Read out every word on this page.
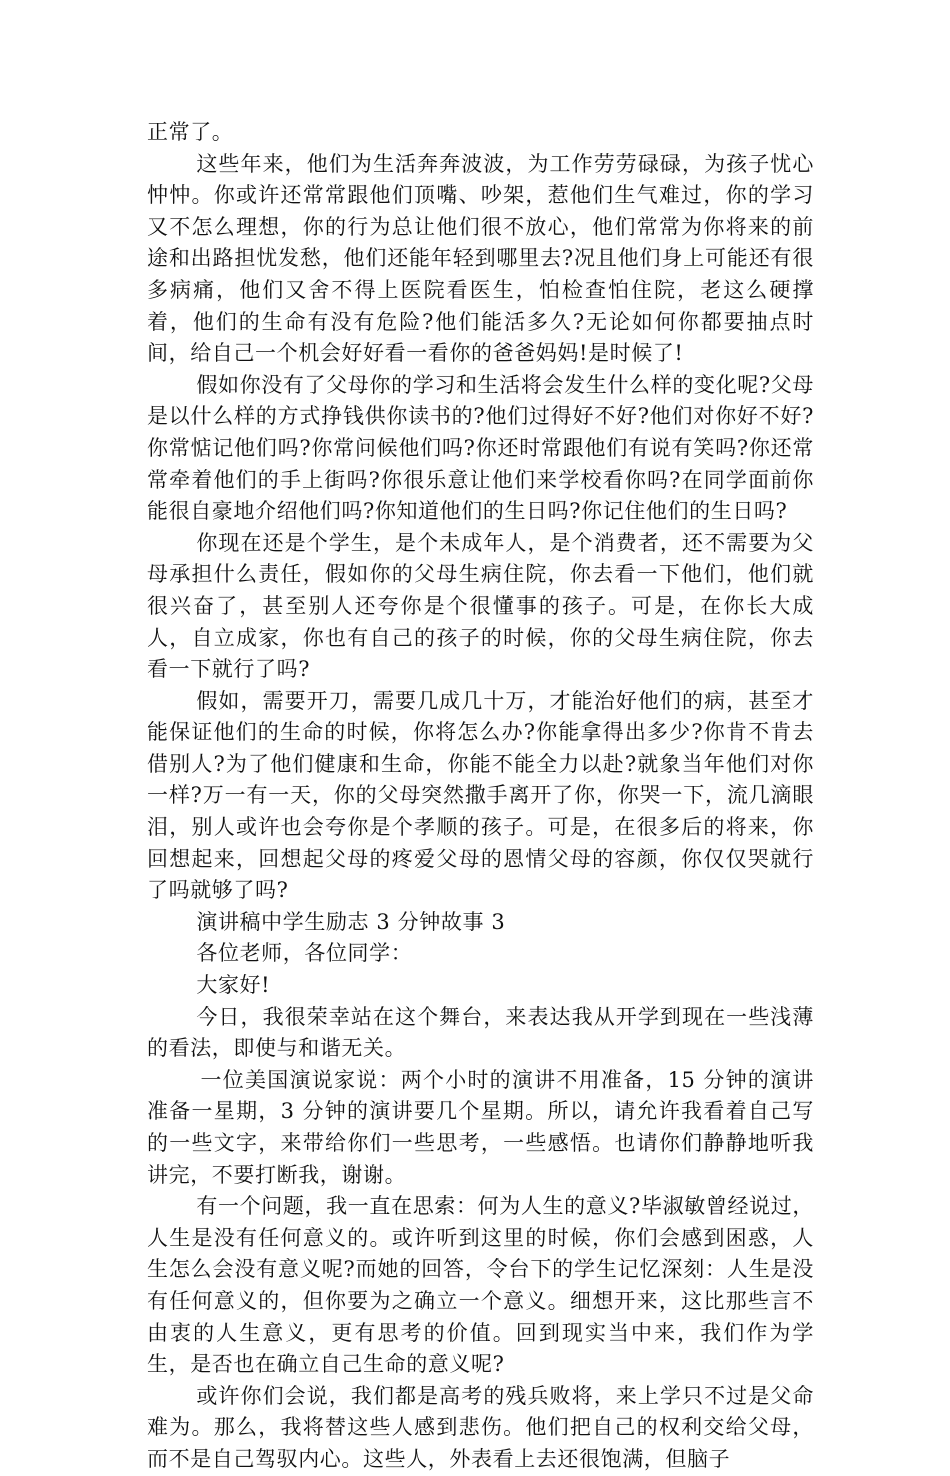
正常了。

这些年来，他们为生活奔奔波波，为工作劳劳碌碌，为孩子忧心忡忡。你或许还常常跟他们顶嘴、吵架，惹他们生气难过，你的学习又不怎么理想，你的行为总让他们很不放心，他们常常为你将来的前途和出路担忧发愁，他们还能年轻到哪里去?况且他们身上可能还有很多病痛，他们又舍不得上医院看医生，怕检查怕住院，老这么硬撑着，他们的生命有没有危险?他们能活多久?无论如何你都要抽点时间，给自己一个机会好好看一看你的爸爸妈妈!是时候了!

假如你没有了父母你的学习和生活将会发生什么样的变化呢?父母是以什么样的方式挣钱供你读书的?他们过得好不好?他们对你好不好?你常惦记他们吗?你常问候他们吗?你还时常跟他们有说有笑吗?你还常常牵着他们的手上街吗?你很乐意让他们来学校看你吗?在同学面前你能很自豪地介绍他们吗?你知道他们的生日吗?你记住他们的生日吗?

你现在还是个学生，是个未成年人，是个消费者，还不需要为父母承担什么责任，假如你的父母生病住院，你去看一下他们，他们就很兴奋了，甚至别人还夸你是个很懂事的孩子。可是，在你长大成人，自立成家，你也有自己的孩子的时候，你的父母生病住院，你去看一下就行了吗?

假如，需要开刀，需要几成几十万，才能治好他们的病，甚至才能保证他们的生命的时候，你将怎么办?你能拿得出多少?你肯不肯去借别人?为了他们健康和生命，你能不能全力以赴?就象当年他们对你一样?万一有一天，你的父母突然撒手离开了你，你哭一下，流几滴眼泪，别人或许也会夸你是个孝顺的孩子。可是，在很多后的将来，你回想起来，回想起父母的疼爱父母的恩情父母的容颜，你仅仅哭就行了吗就够了吗?

演讲稿中学生励志 3 分钟故事 3

各位老师，各位同学：

大家好!

今日，我很荣幸站在这个舞台，来表达我从开学到现在一些浅薄的看法，即使与和谐无关。

一位美国演说家说：两个小时的演讲不用准备，15 分钟的演讲准备一星期，3 分钟的演讲要几个星期。所以，请允许我看着自己写的一些文字，来带给你们一些思考，一些感悟。也请你们静静地听我讲完，不要打断我，谢谢。

有一个问题，我一直在思索：何为人生的意义?毕淑敏曾经说过，人生是没有任何意义的。或许听到这里的时候，你们会感到困惑，人生怎么会没有意义呢?而她的回答，令台下的学生记忆深刻：人生是没有任何意义的，但你要为之确立一个意义。细想开来，这比那些言不由衷的人生意义，更有思考的价值。回到现实当中来，我们作为学生，是否也在确立自己生命的意义呢?

或许你们会说，我们都是高考的残兵败将，来上学只不过是父命难为。那么，我将替这些人感到悲伤。他们把自己的权利交给父母，而不是自己驾驭内心。这些人，外表看上去还很饱满，但脑子
